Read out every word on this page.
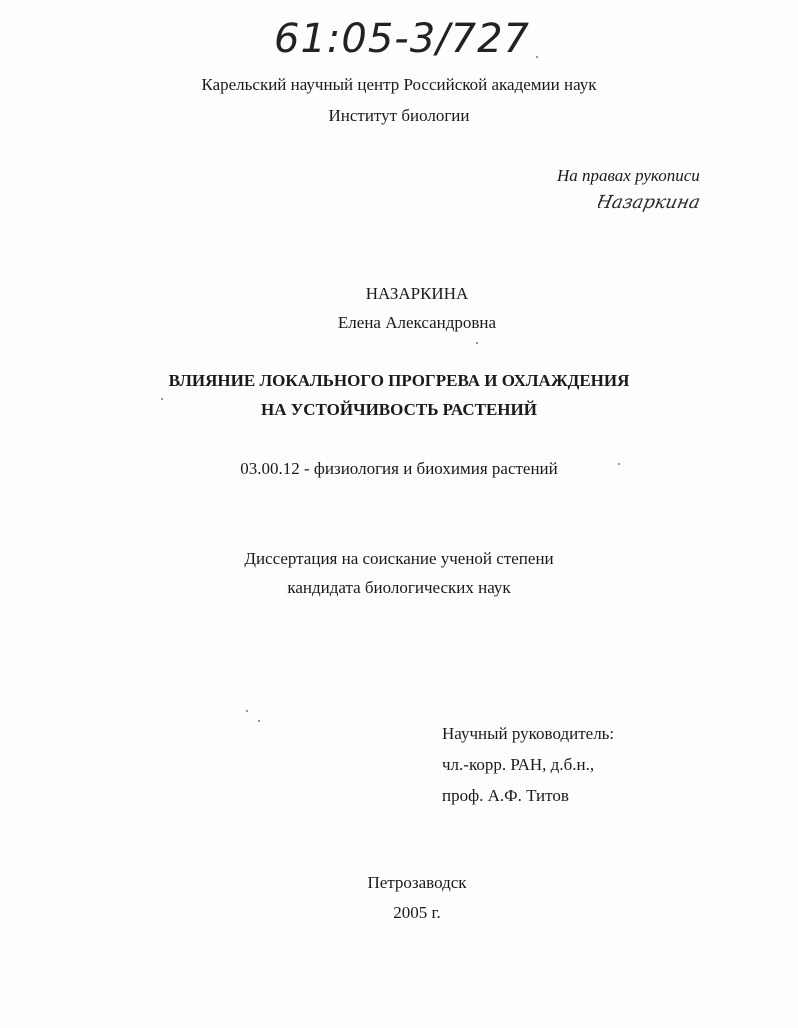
61:05-3/727
Карельский научный центр Российской академии наук
Институт биологии
На правах рукописи
Назаркина
НАЗАРКИНА
Елена Александровна
ВЛИЯНИЕ ЛОКАЛЬНОГО ПРОГРЕВА И ОХЛАЖДЕНИЯ
НА УСТОЙЧИВОСТЬ РАСТЕНИЙ
03.00.12 - физиология и биохимия растений
Диссертация на соискание ученой степени
кандидата биологических наук
Научный руководитель:
чл.-корр. РАН, д.б.н.,
проф. А.Ф. Титов
Петрозаводск
2005 г.
